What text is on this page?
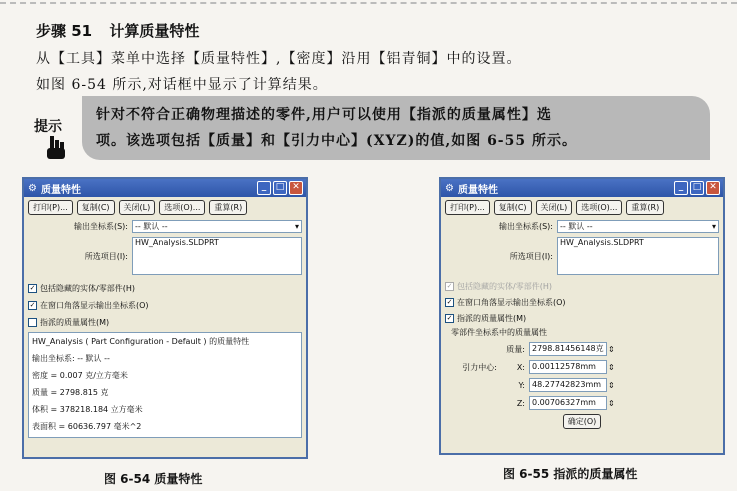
步骤 51 计算质量特性
从【工具】菜单中选择【质量特性】,【密度】沿用【铝青铜】中的设置。
如图 6-54 所示,对话框中显示了计算结果。
提示
针对不符合正确物理描述的零件,用户可以使用【指派的质量属性】选
项。该选项包括【质量】和【引力中心】(XYZ)的值,如图 6-55 所示。
⚙ 质量特性	_	□ ✕
打印(P)...	复制(C)	关闭(L)	选项(O)...	重算(R)
输出坐标系(S): -- 默认 --	▾
所选项目(I):
HW_Analysis.SLDPRT
✓ 包括隐藏的实体/零部件(H)
✓ 在窗口角落显示输出坐标系(O)
指派的质量属性(M)
HW_Analysis ( Part Configuration - Default ) 的质量特性
输出坐标系: -- 默认 --
密度 = 0.007 克/立方毫米
质量 = 2798.815 克
体积 = 378218.184 立方毫米
表面积 = 60636.797 毫米^2
图 6-54 质量特性
⚙ 质量特性	_	□ ✕
打印(P)...	复制(C)	关闭(L)	选项(O)...	重算(R)
输出坐标系(S): -- 默认 --	▾
所选项目(I):
HW_Analysis.SLDPRT
✓ 包括隐藏的实体/零部件(H)
✓ 在窗口角落显示输出坐标系(O)
✓ 指派的质量属性(M)
零部件坐标系中的质量属性
质量: 2798.81456148克 ⇕
引力中心:	X: 0.00112578mm	⇕
Y: 48.27742823mm ⇕
Z: 0.00706327mm	⇕
确定(O)
图 6-55 指派的质量属性
